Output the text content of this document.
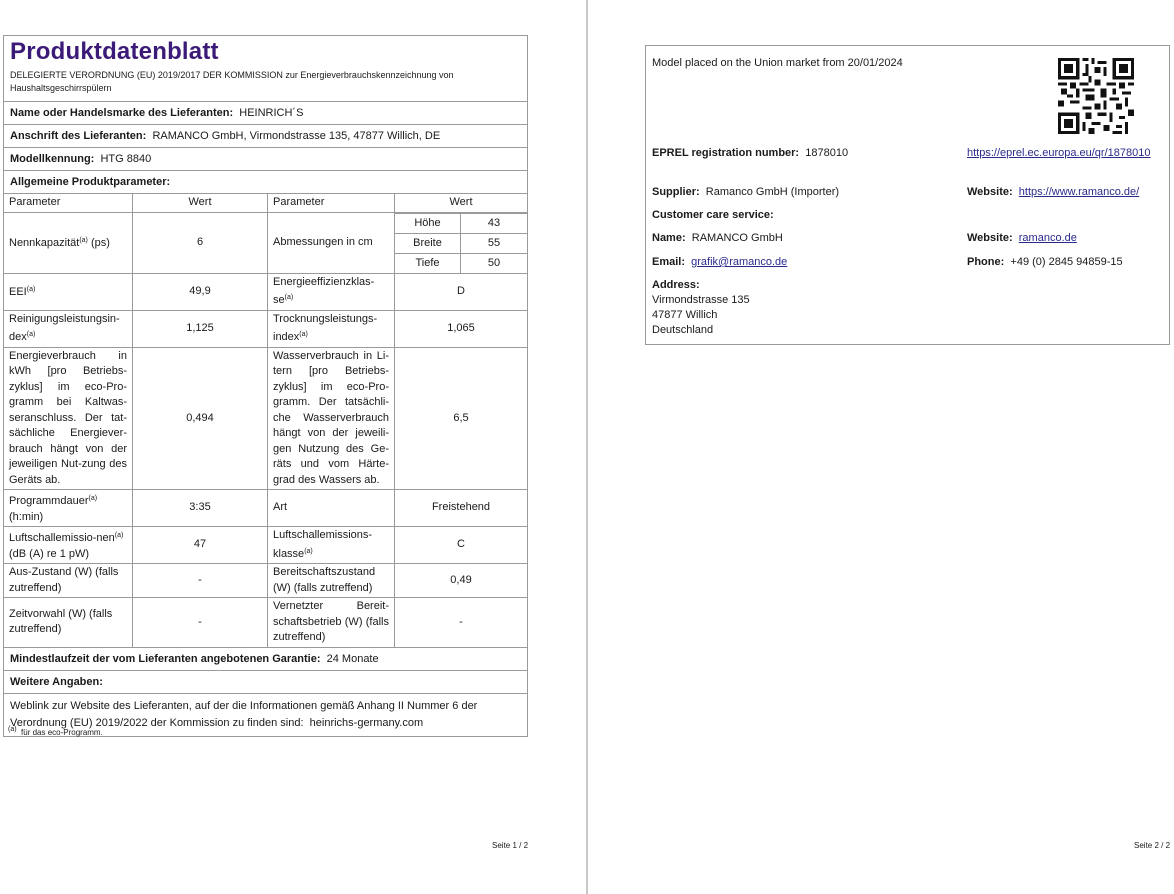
Produktdatenblatt
DELEGIERTE VERORDNUNG (EU) 2019/2017 DER KOMMISSION zur Energieverbrauchskennzeichnung von Haushaltsgeschirrspülern
Name oder Handelsmarke des Lieferanten: HEINRICH´S
Anschrift des Lieferanten: RAMANCO GmbH, Virmondstrasse 135, 47877 Willich, DE
Modellkennung: HTG 8840
Allgemeine Produktparameter:
Parameter	Wert	Parameter	Wert
Nennkapazität$^{(a)}$ (ps)	6	Abmessungen in cm	
Höhe	43
Breite	55
Tiefe	50

EEI$^{(a)}$	49,9	Energieeffizienzklas-$se^{(a)}$	D
Reinigungsleistungsin-dex$^{(a)}$	1,125	Trocknungsleistungs-index$^{(a)}$	1,065
Energieverbrauch in kWh [pro Betriebs-zyklus] im eco-Pro-gramm bei Kaltwas-seranschluss. Der tat-sächliche Energiever-brauch hängt von der jeweiligen Nut-zung des Geräts ab.	0,494	Wasserverbrauch in Li-tern [pro Betriebs-zyklus] im eco-Pro-gramm. Der tatsächli-che Wasserverbrauch hängt von der jeweili-gen Nutzung des Ge-räts und vom Härte-grad des Wassers ab.	6,5
Programmdauer$^{(a)}$
(h:min)	3:35	Art	Freistehend
Luftschallemissio-nen$^{(a)}$ (dB (A) re 1 pW)	47	Luftschallemissions-klasse$^{(a)}$	C
Aus-Zustand (W) (falls zutreffend)	-	Bereitschaftszustand (W) (falls zutreffend)	0,49
Zeitvorwahl (W) (falls zutreffend)	-	Vernetzter Bereit-schaftsbetrieb (W) (falls zutreffend)	-
Mindestlaufzeit der vom Lieferanten angebotenen Garantie: 24 Monate
Weitere Angaben:
Weblink zur Website des Lieferanten, auf der die Informationen gemäß Anhang II Nummer 6 der Verordnung (EU) 2019/2022 der Kommission zu finden sind: heinrichs-germany.com
$^{(a)}$ für das eco-Programm.
Seite 1 / 2
Model placed on the Union market from 20/01/2024
EPREL registration number: 1878010	https://eprel.ec.europa.eu/qr/1878010
Supplier: Ramanco GmbH (Importer)	Website: https://www.ramanco.de/
Customer care service:
Name: RAMANCO GmbH	Website: ramanco.de
Email: grafik@ramanco.de	Phone: +49 (0) 2845 94859-15
Address:
Virmondstrasse 135
47877 Willich
Deutschland
Seite 2 / 2
